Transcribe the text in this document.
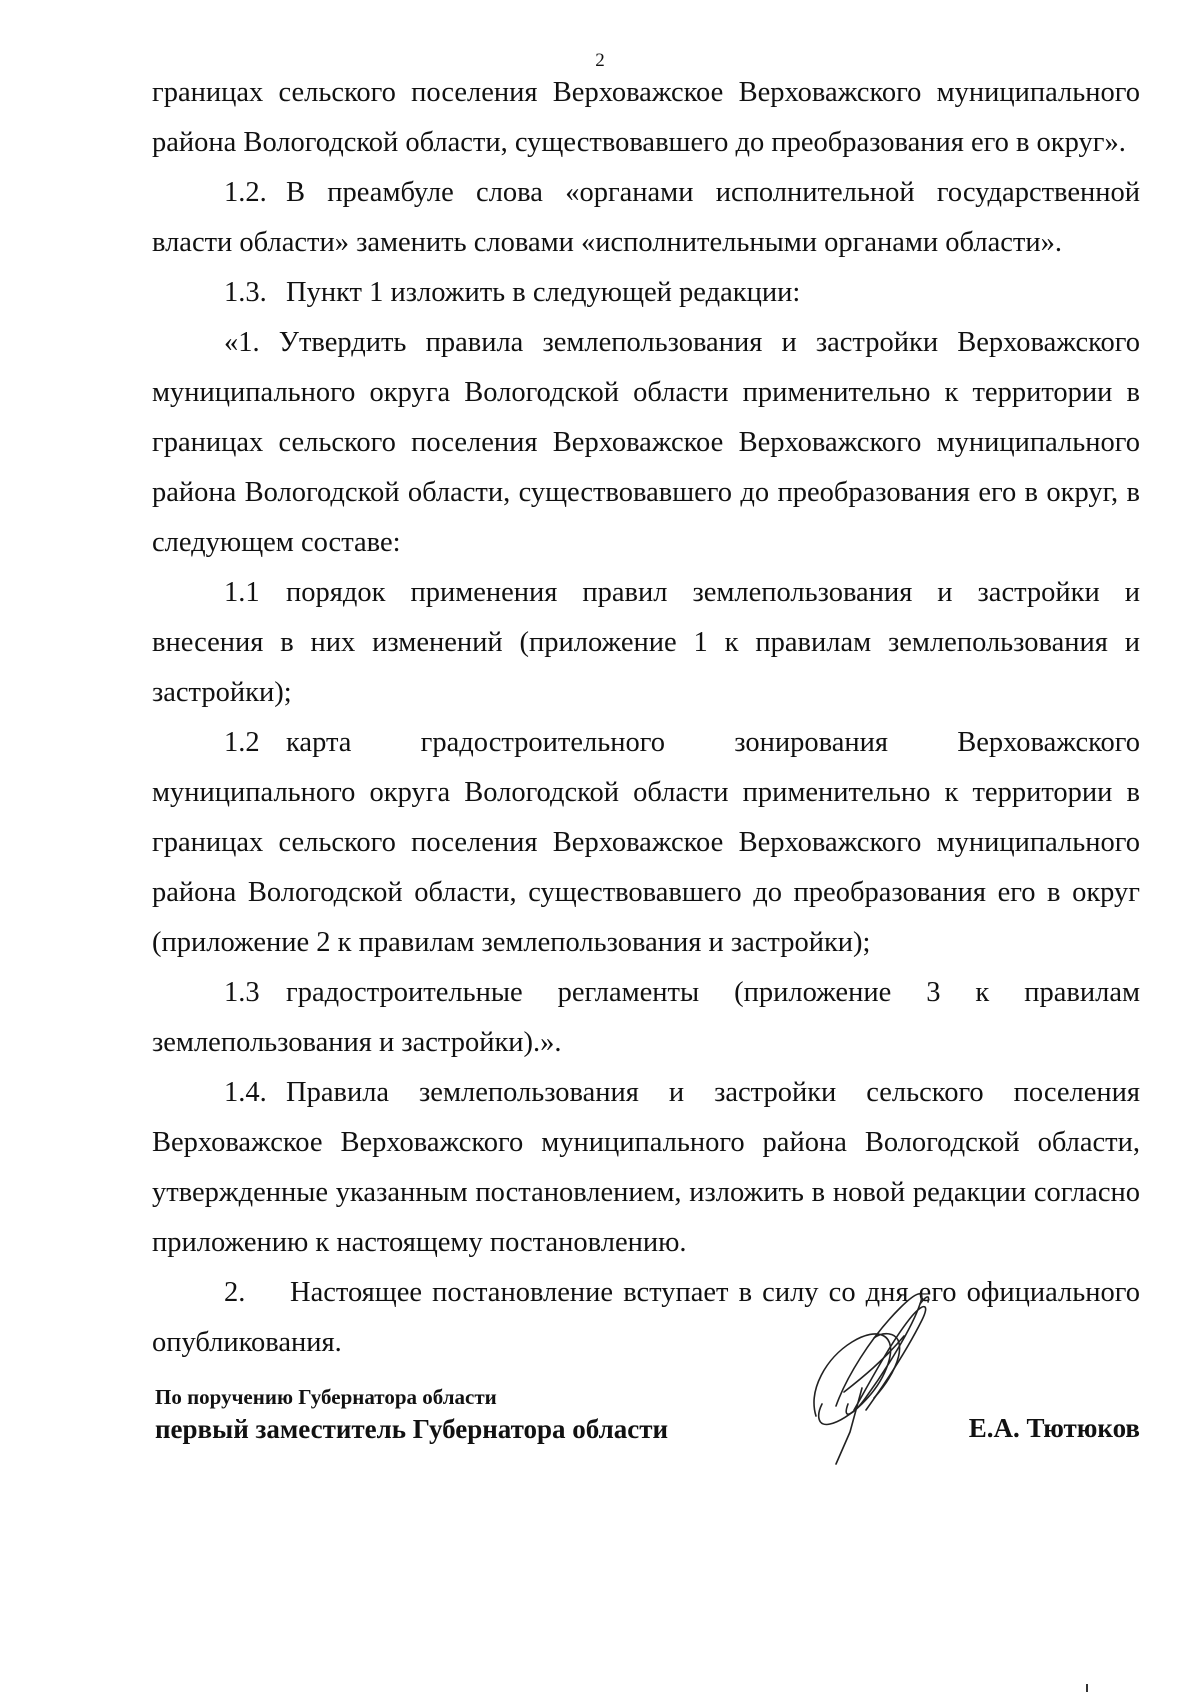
2

границах сельского поселения Верховажское Верховажского муниципального района Вологодской области, существовавшего до преобразования его в округ».

1.2. В преамбуле слова «органами исполнительной государственной власти области» заменить словами «исполнительными органами области».

1.3. Пункт 1 изложить в следующей редакции:

«1. Утвердить правила землепользования и застройки Верховажского муниципального округа Вологодской области применительно к территории в границах сельского поселения Верховажское Верховажского муниципального района Вологодской области, существовавшего до преобразования его в округ, в следующем составе:

1.1 порядок применения правил землепользования и застройки и внесения в них изменений (приложение 1 к правилам землепользования и застройки);

1.2 карта градостроительного зонирования Верховажского муниципального округа Вологодской области применительно к территории в границах сельского поселения Верховажское Верховажского муниципального района Вологодской области, существовавшего до преобразования его в округ (приложение 2 к правилам землепользования и застройки);

1.3 градостроительные регламенты (приложение 3 к правилам землепользования и застройки).».

1.4. Правила землепользования и застройки сельского поселения Верховажское Верховажского муниципального района Вологодской области, утвержденные указанным постановлением, изложить в новой редакции согласно приложению к настоящему постановлению.

2. Настоящее постановление вступает в силу со дня его официального опубликования.

По поручению Губернатора области

первый заместитель Губернатора области	Е.А. Тютюков
